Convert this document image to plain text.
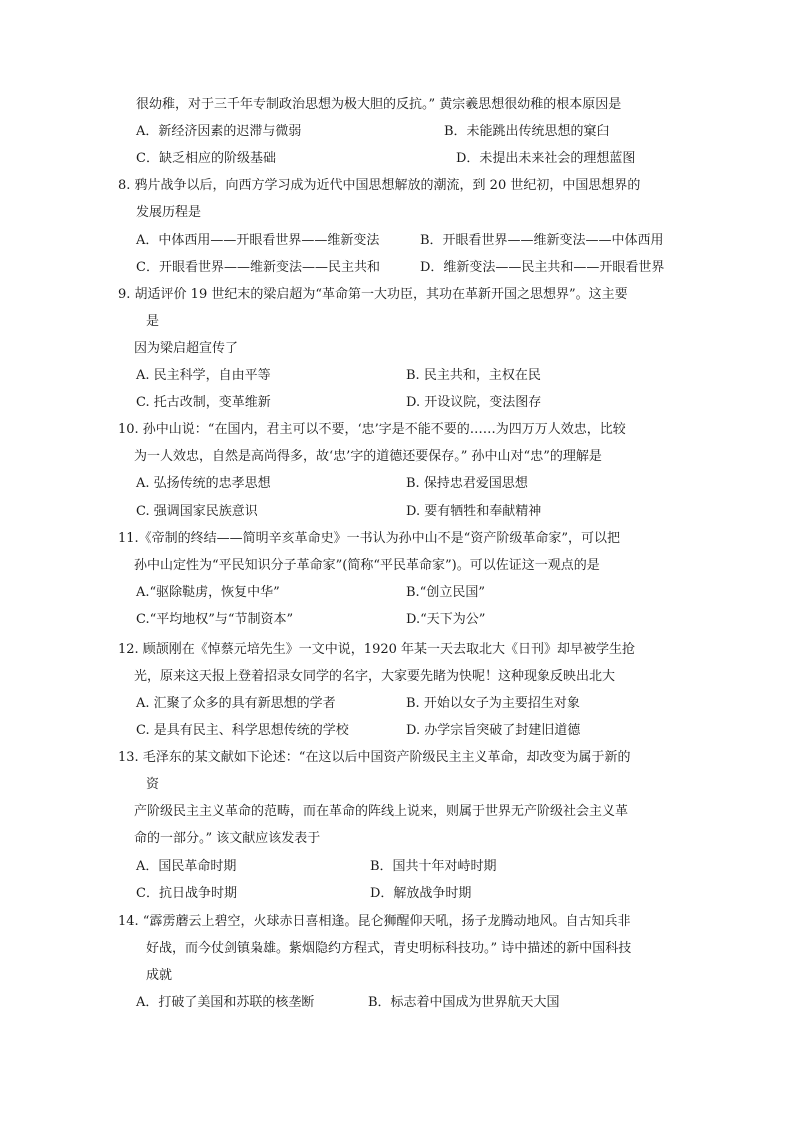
很幼稚，对于三千年专制政治思想为极大胆的反抗。” 黄宗羲思想很幼稚的根本原因是
A．新经济因素的迟滞与微弱	B．未能跳出传统思想的窠臼
C．缺乏相应的阶级基础	D．未提出未来社会的理想蓝图
8. 鸦片战争以后，向西方学习成为近代中国思想解放的潮流，到 20 世纪初，中国思想界的
发展历程是
A．中体西用——开眼看世界——维新变法	B．开眼看世界——维新变法——中体西用
C．开眼看世界——维新变法——民主共和	D．维新变法——民主共和——开眼看世界
9. 胡适评价 19 世纪末的梁启超为“革命第一大功臣，其功在革新开国之思想界”。这主要
是
因为梁启超宣传了
A. 民主科学，自由平等	B. 民主共和，主权在民
C. 托古改制，变革维新	D. 开设议院，变法图存
10. 孙中山说：“在国内，君主可以不要，‘忠’字是不能不要的……为四万万人效忠，比较
为一人效忠，自然是高尚得多，故‘忠’字的道德还要保存。” 孙中山对“忠”的理解是
A. 弘扬传统的忠孝思想	B. 保持忠君爱国思想
C. 强调国家民族意识	D. 要有牺牲和奉献精神
11.《帝制的终结——简明辛亥革命史》一书认为孙中山不是“资产阶级革命家”，可以把
孙中山定性为“平民知识分子革命家”(简称“平民革命家”)。可以佐证这一观点的是
A.“驱除鞑虏，恢复中华”	B.“创立民国”
C.“平均地权”与“节制资本”	D.“天下为公”
12. 顾颉刚在《悼蔡元培先生》一文中说，1920 年某一天去取北大《日刊》却早被学生抢
光，原来这天报上登着招录女同学的名字，大家要先睹为快呢！这种现象反映出北大
A. 汇聚了众多的具有新思想的学者	B. 开始以女子为主要招生对象
C. 是具有民主、科学思想传统的学校	D. 办学宗旨突破了封建旧道德
13. 毛泽东的某文献如下论述：“在这以后中国资产阶级民主主义革命，却改变为属于新的
资
产阶级民主主义革命的范畴，而在革命的阵线上说来，则属于世界无产阶级社会主义革
命的一部分。” 该文献应该发表于
A．国民革命时期	B．国共十年对峙时期
C．抗日战争时期	D．解放战争时期
14. “霹雳蘑云上碧空，火球赤日喜相逢。昆仑狮醒仰天吼，扬子龙腾动地风。自古知兵非
好战，而今仗剑镇枭雄。紫烟隐约方程式，青史明标科技功。” 诗中描述的新中国科技
成就
A．打破了美国和苏联的核垄断	B．标志着中国成为世界航天大国
